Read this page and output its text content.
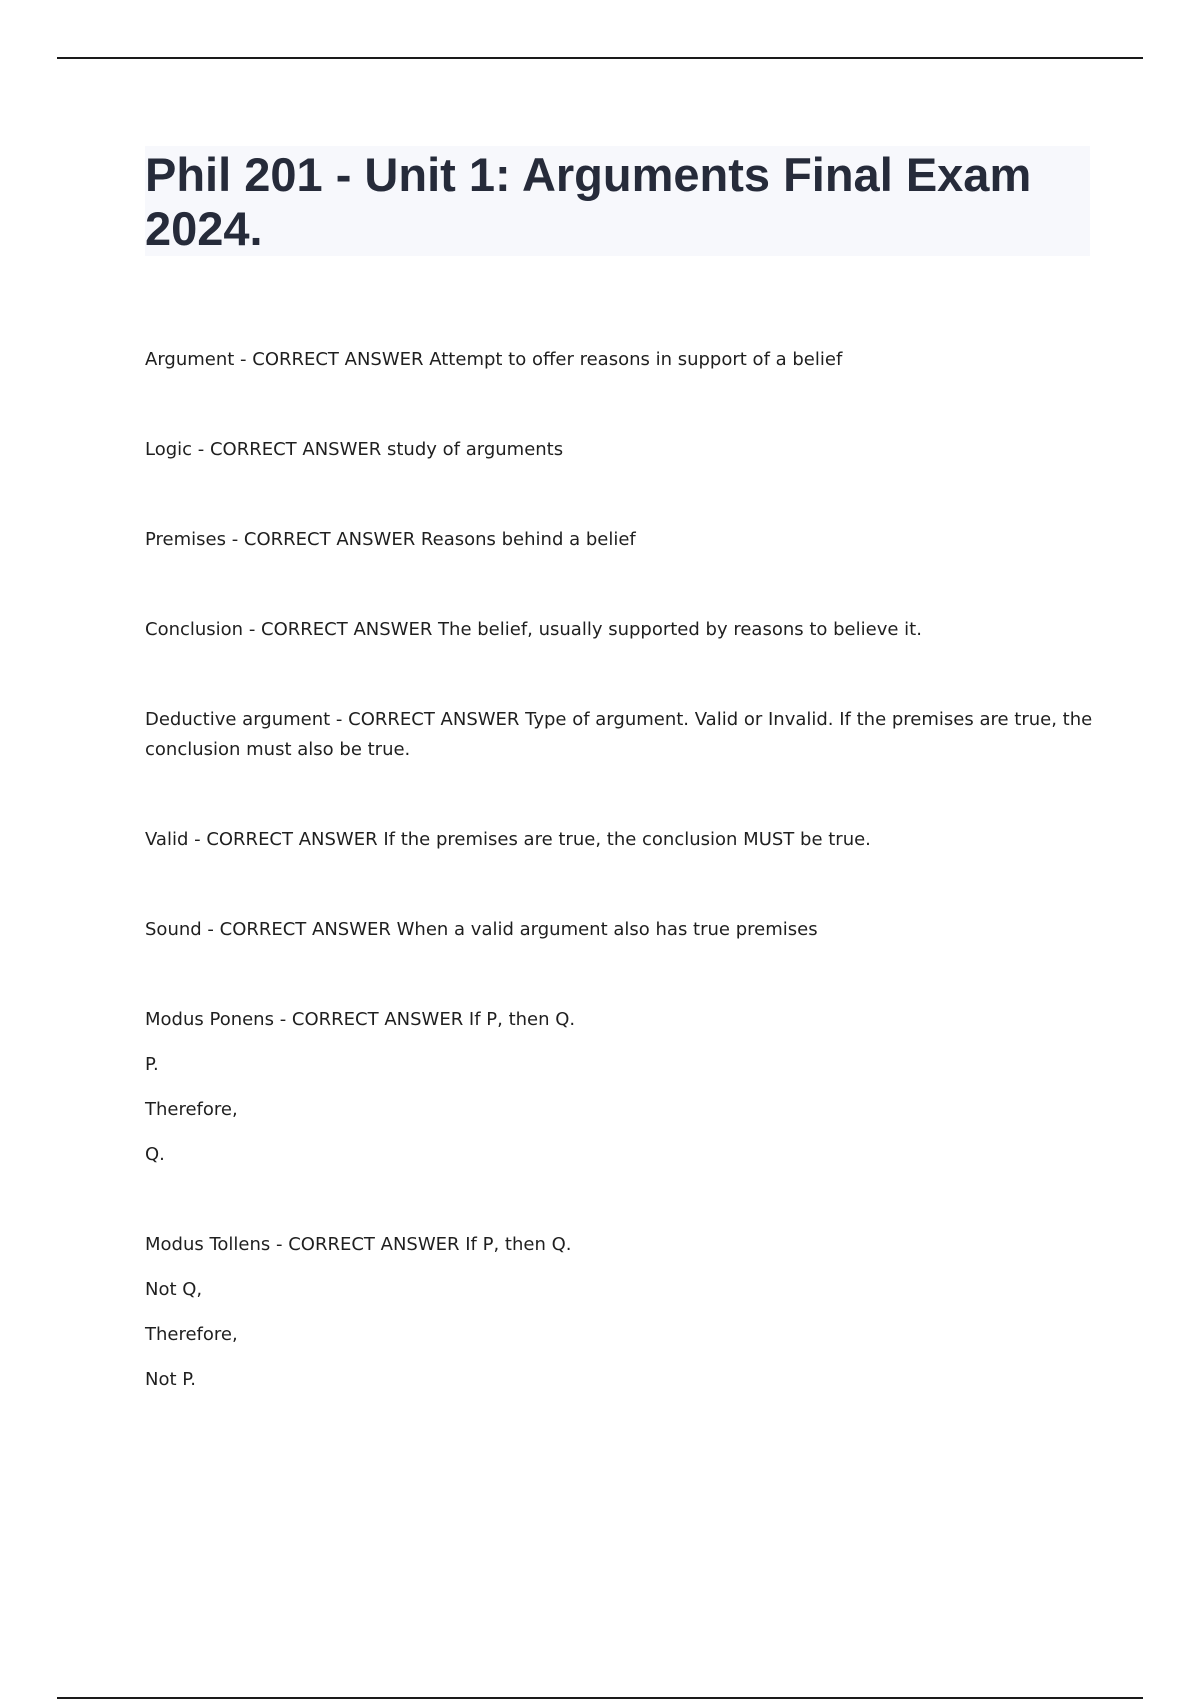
Phil 201 - Unit 1: Arguments Final Exam 2024.

Argument - CORRECT ANSWER Attempt to offer reasons in support of a belief

Logic - CORRECT ANSWER study of arguments

Premises - CORRECT ANSWER Reasons behind a belief

Conclusion - CORRECT ANSWER The belief, usually supported by reasons to believe it.

Deductive argument - CORRECT ANSWER Type of argument. Valid or Invalid. If the premises are true, the conclusion must also be true.

Valid - CORRECT ANSWER If the premises are true, the conclusion MUST be true.

Sound - CORRECT ANSWER When a valid argument also has true premises

Modus Ponens - CORRECT ANSWER If P, then Q.

P.

Therefore,

Q.

Modus Tollens - CORRECT ANSWER If P, then Q.

Not Q,

Therefore,

Not P.
